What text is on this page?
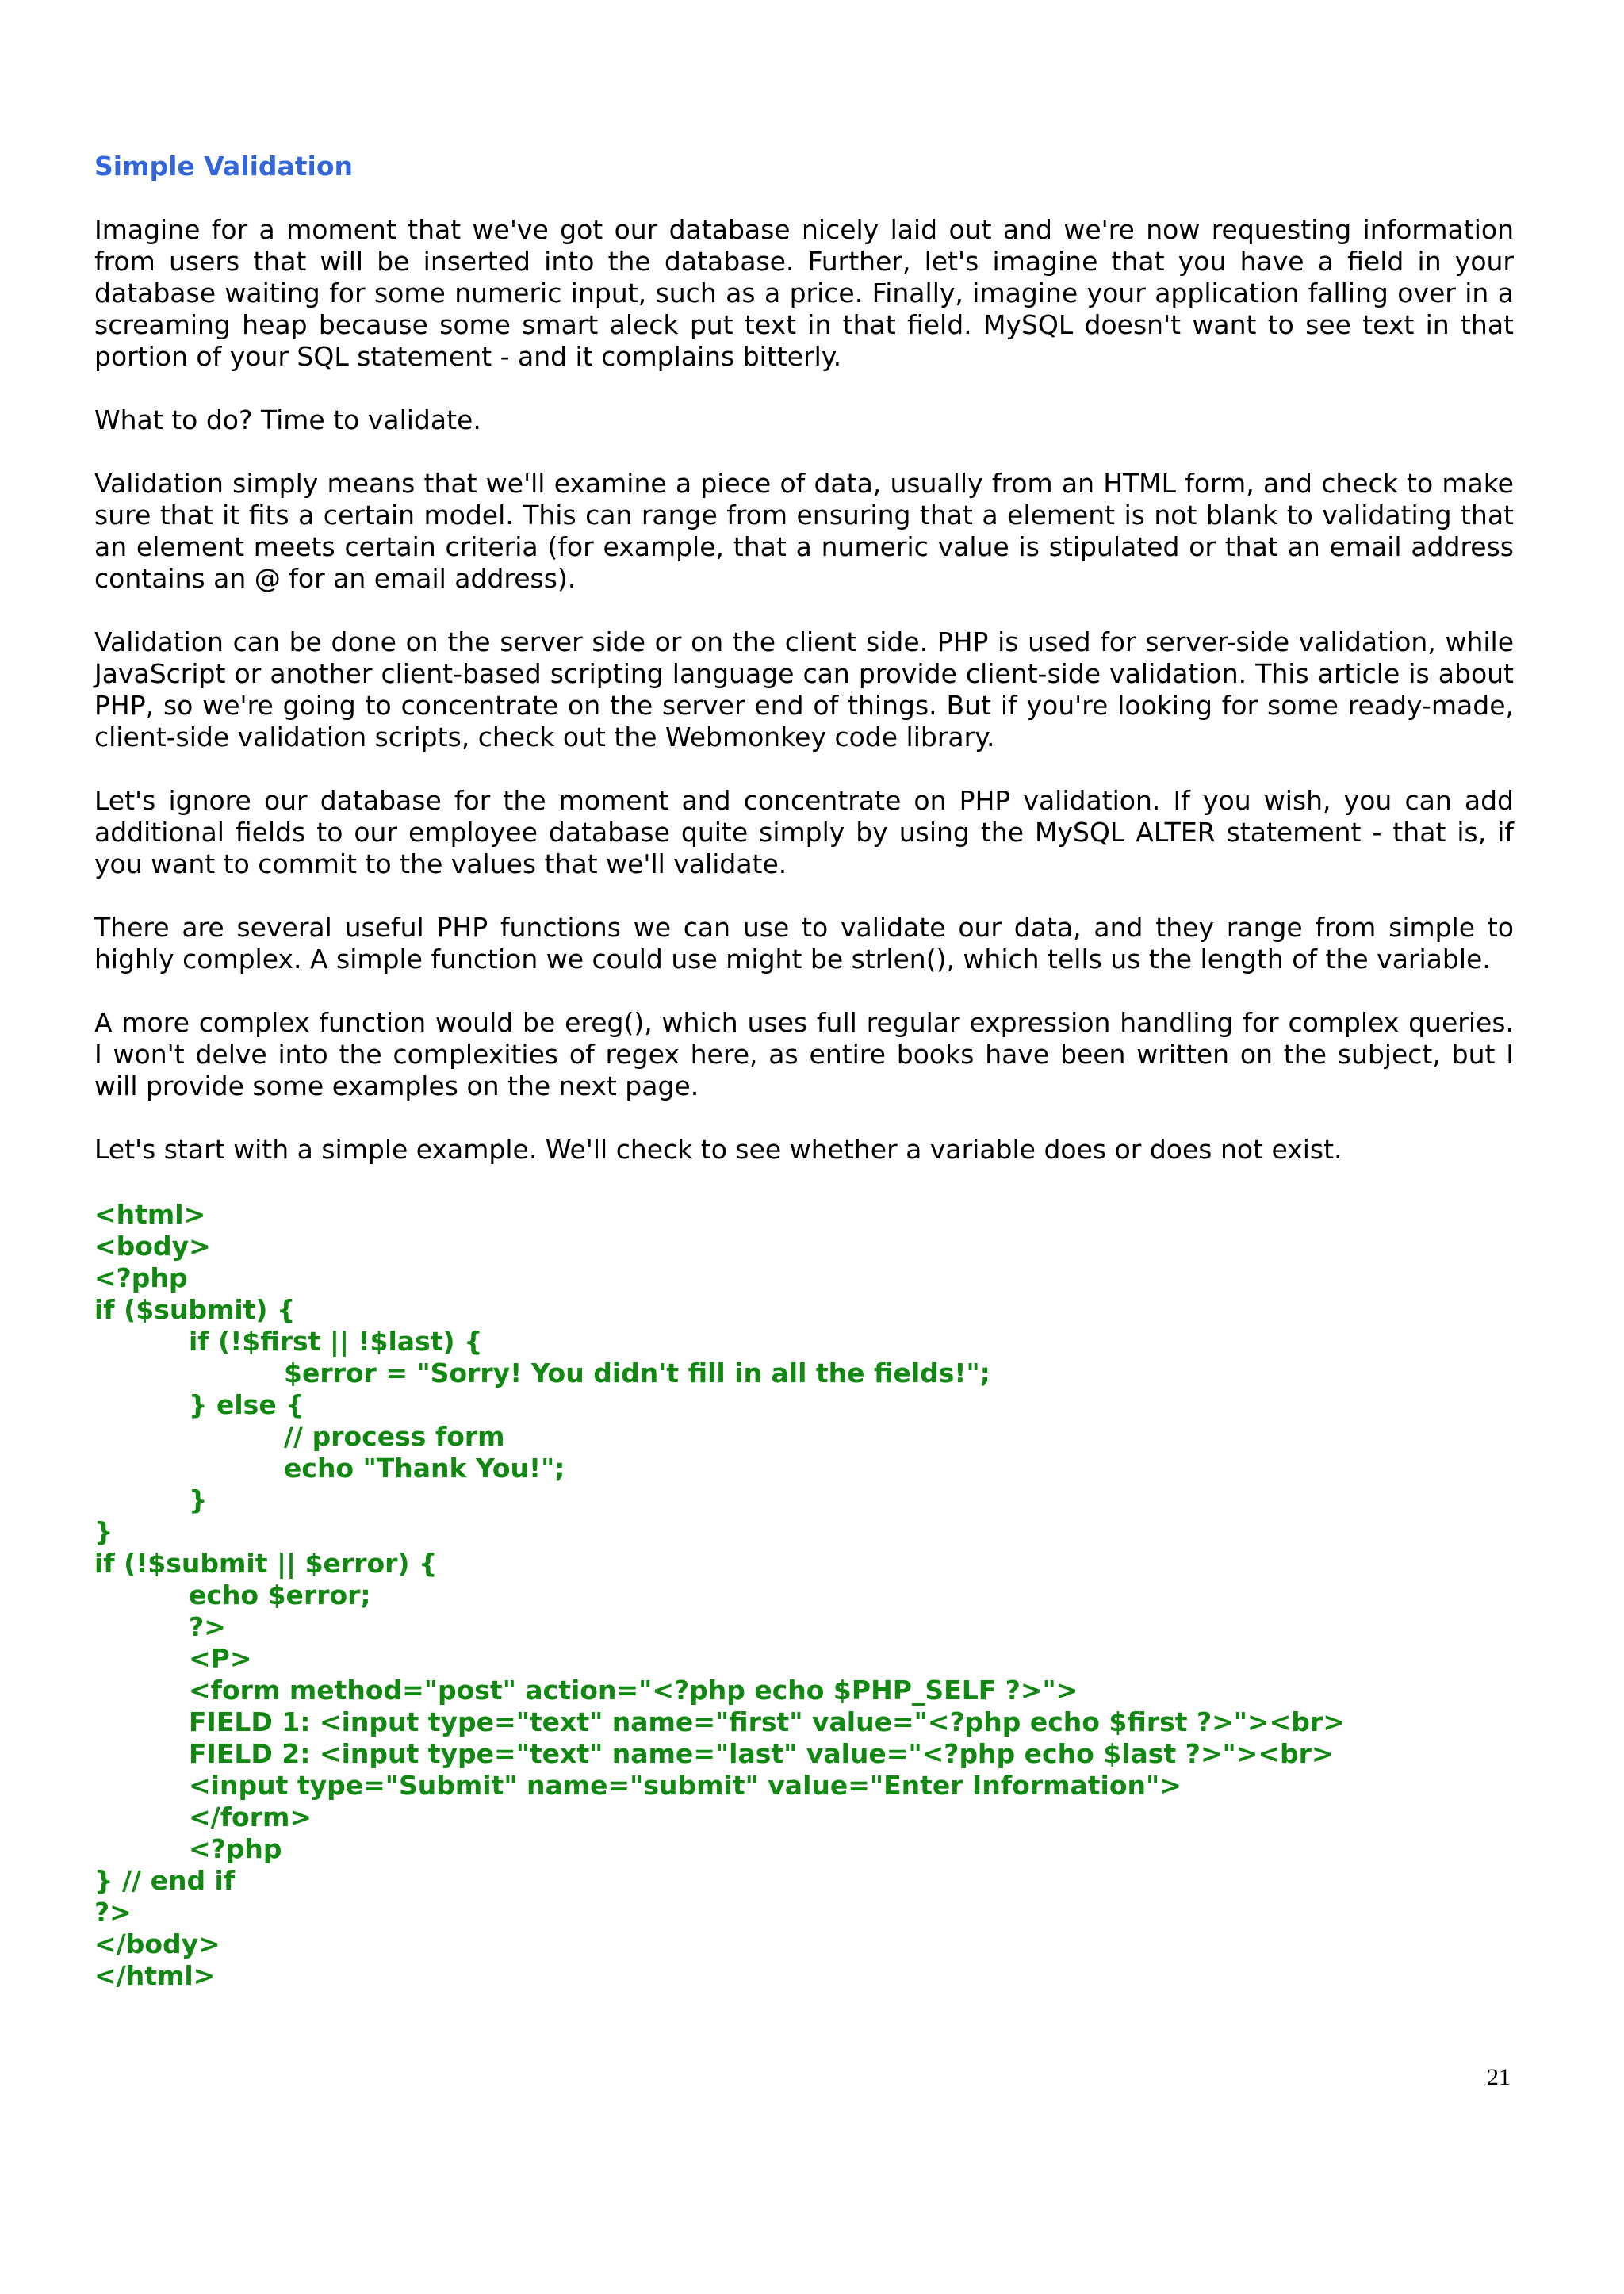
Simple Validation

Imagine for a moment that we've got our database nicely laid out and we're now requesting information from users that will be inserted into the database. Further, let's imagine that you have a field in your database waiting for some numeric input, such as a price. Finally, imagine your application falling over in a screaming heap because some smart aleck put text in that field. MySQL doesn't want to see text in that portion of your SQL statement - and it complains bitterly.

What to do? Time to validate.

Validation simply means that we'll examine a piece of data, usually from an HTML form, and check to make sure that it fits a certain model. This can range from ensuring that a element is not blank to validating that an element meets certain criteria (for example, that a numeric value is stipulated or that an email address contains an @ for an email address).

Validation can be done on the server side or on the client side. PHP is used for server-side validation, while JavaScript or another client-based scripting language can provide client-side validation. This article is about PHP, so we're going to concentrate on the server end of things. But if you're looking for some ready-made, client-side validation scripts, check out the Webmonkey code library.

Let's ignore our database for the moment and concentrate on PHP validation. If you wish, you can add additional fields to our employee database quite simply by using the MySQL ALTER statement - that is, if you want to commit to the values that we'll validate.

There are several useful PHP functions we can use to validate our data, and they range from simple to highly complex. A simple function we could use might be strlen(), which tells us the length of the variable.

A more complex function would be ereg(), which uses full regular expression handling for complex queries. I won't delve into the complexities of regex here, as entire books have been written on the subject, but I will provide some examples on the next page.

Let's start with a simple example. We'll check to see whether a variable does or does not exist.

<html>
<body>
<?php
if ($submit) {
if (!$first || !$last) {
$error = "Sorry! You didn't fill in all the fields!";
} else {
// process form
echo "Thank You!";
}
}
if (!$submit || $error) {
echo $error;
?>
<P>
<form method="post" action="<?php echo $PHP_SELF ?>">
FIELD 1: <input type="text" name="first" value="<?php echo $first ?>"><br>
FIELD 2: <input type="text" name="last" value="<?php echo $last ?>"><br>
<input type="Submit" name="submit" value="Enter Information">
</form>
<?php
} // end if
?>
</body>
</html>
21
